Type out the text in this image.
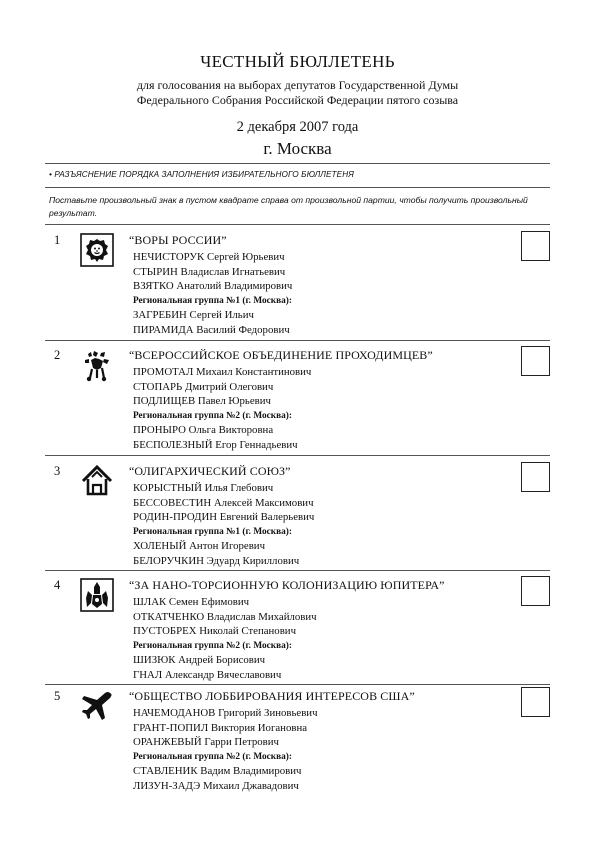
ЧЕСТНЫЙ БЮЛЛЕТЕНЬ
для голосования на выборах депутатов Государственной Думы
Федерального Собрания Российской Федерации пятого созыва
2 декабря 2007 года
г. Москва
• РАЗЪЯСНЕНИЕ ПОРЯДКА ЗАПОЛНЕНИЯ ИЗБИРАТЕЛЬНОГО БЮЛЛЕТЕНЯ
Поставьте произвольный знак в пустом квадрате справа от произвольной партии, чтобы получить произвольный результат.
1	“ВОРЫ РОССИИ”
НЕЧИСТОРУК Сергей Юрьевич
СТЫРИН Владислав Игнатьевич
ВЗЯТКО Анатолий Владимирович
Региональная группа №1 (г. Москва):
ЗАГРЕБИН Сергей Ильич
ПИРАМИДА Василий Федорович
2	“ВСЕРОССИЙСКОЕ ОБЪЕДИНЕНИЕ ПРОХОДИМЦЕВ”
ПРОМОТАЛ Михаил Константинович
СТОПАРЬ Дмитрий Олегович
ПОДЛИЩЕВ Павел Юрьевич
Региональная группа №2 (г. Москва):
ПРОНЫРО Ольга Викторовна
БЕСПОЛЕЗНЫЙ Егор Геннадьевич
3	“ОЛИГАРХИЧЕСКИЙ СОЮЗ”
КОРЫСТНЫЙ Илья Глебович
БЕССОВЕСТИН Алексей Максимович
РОДИН-ПРОДИН Евгений Валерьевич
Региональная группа №1 (г. Москва):
ХОЛЕНЫЙ Антон Игоревич
БЕЛОРУЧКИН Эдуард Кириллович
4	“ЗА НАНО-ТОРСИОННУЮ КОЛОНИЗАЦИЮ ЮПИТЕРА”
ШЛАК Семен Ефимович
ОТКАТЧЕНКО Владислав Михайлович
ПУСТОБРЕХ Николай Степанович
Региональная группа №2 (г. Москва):
ШИЗЮК Андрей Борисович
ГНАЛ Александр Вячеславович
5	“ОБЩЕСТВО ЛОББИРОВАНИЯ ИНТЕРЕСОВ США”
НАЧЕМОДАНОВ Григорий Зиновьевич
ГРАНТ-ПОПИЛ Виктория Иогановна
ОРАНЖЕВЫЙ Гарри Петрович
Региональная группа №2 (г. Москва):
СТАВЛЕНИК Вадим Владимирович
ЛИЗУН-ЗАДЭ Михаил Джавадович
